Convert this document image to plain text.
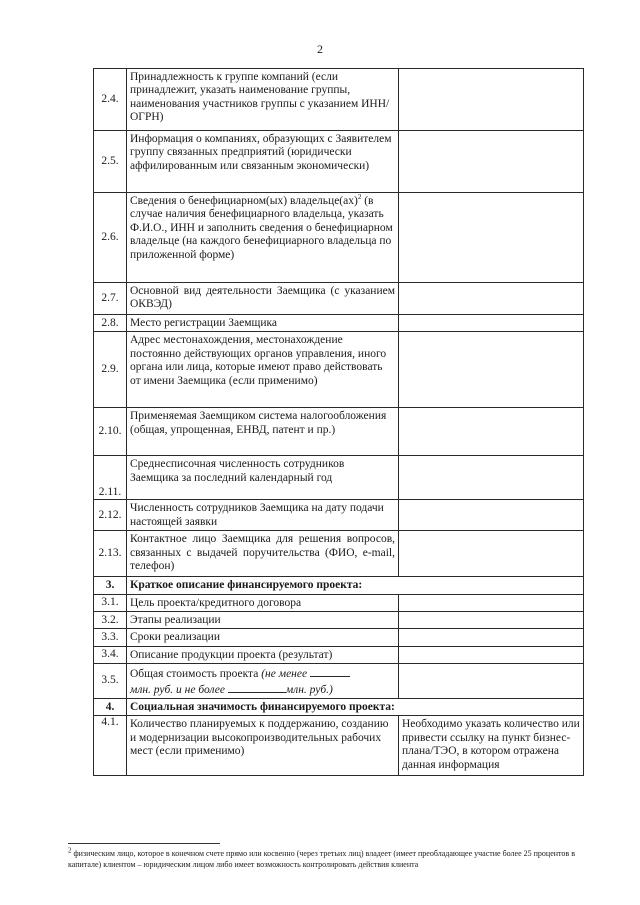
2
2.4.	Принадлежность к группе компаний (если принадлежит, указать наименование группы, наименования участников группы с указанием ИНН/ОГРН)	
2.5.	Информация о компаниях, образующих с Заявителем группу связанных предприятий (юридически аффилированным или связанным экономически)	
2.6.	Сведения о бенефициарном(ых) владельце(ах)$^2$ (в случае наличия бенефициарного владельца, указать Ф.И.О., ИНН и заполнить сведения о бенефициарном владельце (на каждого бенефициарного владельца по приложенной форме)	
2.7.	Основной вид деятельности Заемщика (с указанием ОКВЭД)	
2.8.	Место регистрации Заемщика	
2.9.	Адрес местонахождения, местонахождение постоянно действующих органов управления, иного органа или лица, которые имеют право действовать от имени Заемщика (если применимо)	
2.10.	Применяемая Заемщиком система налогообложения (общая, упрощенная, ЕНВД, патент и пр.)	
2.11.	Среднесписочная численность сотрудников Заемщика за последний календарный год	
2.12.	Численность сотрудников Заемщика на дату подачи настоящей заявки	
2.13.	Контактное лицо Заемщика для решения вопросов, связанных с выдачей поручительства (ФИО, e-mail, телефон)	
3.	Краткое описание финансируемого проекта:	
3.1.	Цель проекта/кредитного договора	
3.2.	Этапы реализации	
3.3.	Сроки реализации	
3.4.	Описание продукции проекта (результат)	
3.5.	Общая стоимость проекта (не менее
млн. руб. и не более млн. руб.)	
4.	Социальная значимость финансируемого проекта:	
4.1.	Количество планируемых к поддержанию, созданию и модернизации высокопроизводительных рабочих мест (если применимо)	Необходимо указать количество или привести ссылку на пункт бизнес-плана/ТЭО, в котором отражена данная информация
$^2$ физическим лицо, которое в конечном счете прямо или косвенно (через третьих лиц) владеет (имеет преобладающее участие более 25 процентов в капитале) клиентом – юридическим лицом либо имеет возможность контролировать действия клиента
